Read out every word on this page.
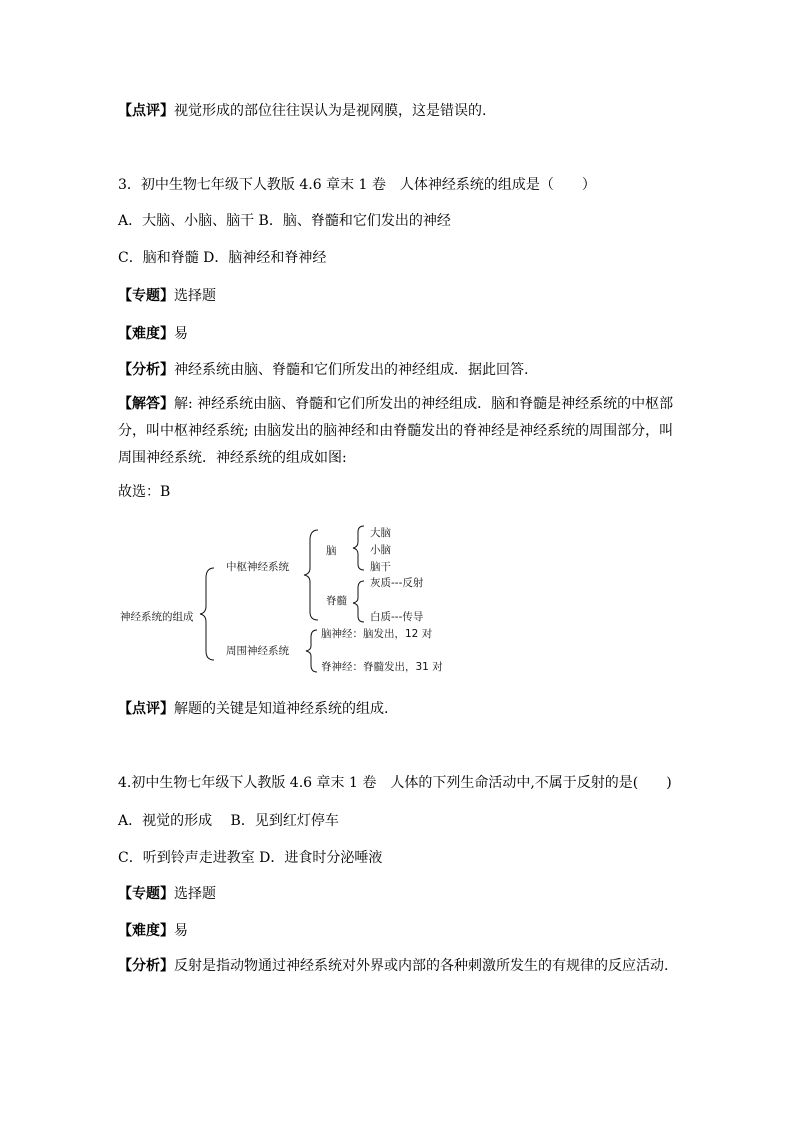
【点评】视觉形成的部位往往误认为是视网膜，这是错误的.
3．初中生物七年级下人教版 4.6 章末 1 卷　人体神经系统的组成是（　　）
A．大脑、小脑、脑干 B．脑、脊髓和它们发出的神经
C．脑和脊髓 D．脑神经和脊神经
【专题】选择题
【难度】易
【分析】神经系统由脑、脊髓和它们所发出的神经组成．据此回答.
【解答】解: 神经系统由脑、脊髓和它们所发出的神经组成．脑和脊髓是神经系统的中枢部分，叫中枢神经系统; 由脑发出的脑神经和由脊髓发出的脊神经是神经系统的周围部分，叫周围神经系统．神经系统的组成如图:
故选：B
神经系统的组成
中枢神经系统
周围神经系统
脑
脊髓
大脑
小脑
脑干
灰质---反射
白质---传导
脑神经：脑发出，12 对
脊神经：脊髓发出，31 对
【点评】解题的关键是知道神经系统的组成.
4.初中生物七年级下人教版 4.6 章末 1 卷　人体的下列生命活动中,不属于反射的是(　　)
A．视觉的形成　 B．见到红灯停车
C．听到铃声走进教室 D．进食时分泌唾液
【专题】选择题
【难度】易
【分析】反射是指动物通过神经系统对外界或内部的各种刺激所发生的有规律的反应活动.
